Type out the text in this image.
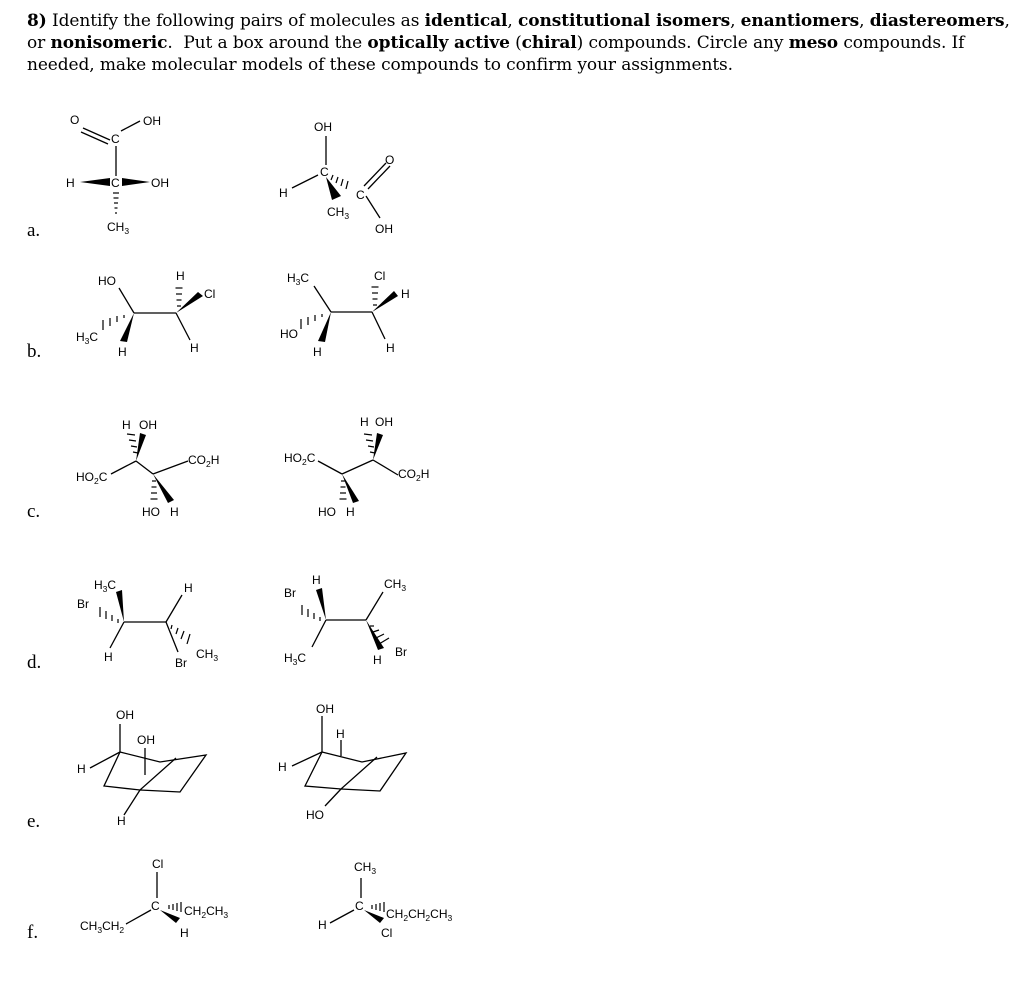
8) Identify the following pairs of molecules as identical, constitutional isomers, enantiomers, diastereomers, or nonisomeric.  Put a box around the optically active (chiral) compounds. Circle any meso compounds. If needed, make molecular models of these compounds to confirm your assignments.
a.
b.
c.
d.
e.
f.
O	OH
C
H	C	OH
$CH_3$
OH
C
C
O
H
$CH_3$
OH
HO	H
Cl
$H_3C$
H	H
$H_3C$	Cl
H
HO
H	H
H OH
$CO_2H$
$HO_2C$
HO H
$HO_2C$
H OH
$CO_2H$
HO H
$H_3C$
Br
H
H	$CH_3$
Br
Br
H	$CH_3$
$H_3C$	Br
H
OH
OH
H
H
OH
H
H
HO
Cl
C $CH_2CH_3$
$CH_3CH_2$	H
$CH_3$
C
$CH_2CH_2CH_3$
H
Cl
